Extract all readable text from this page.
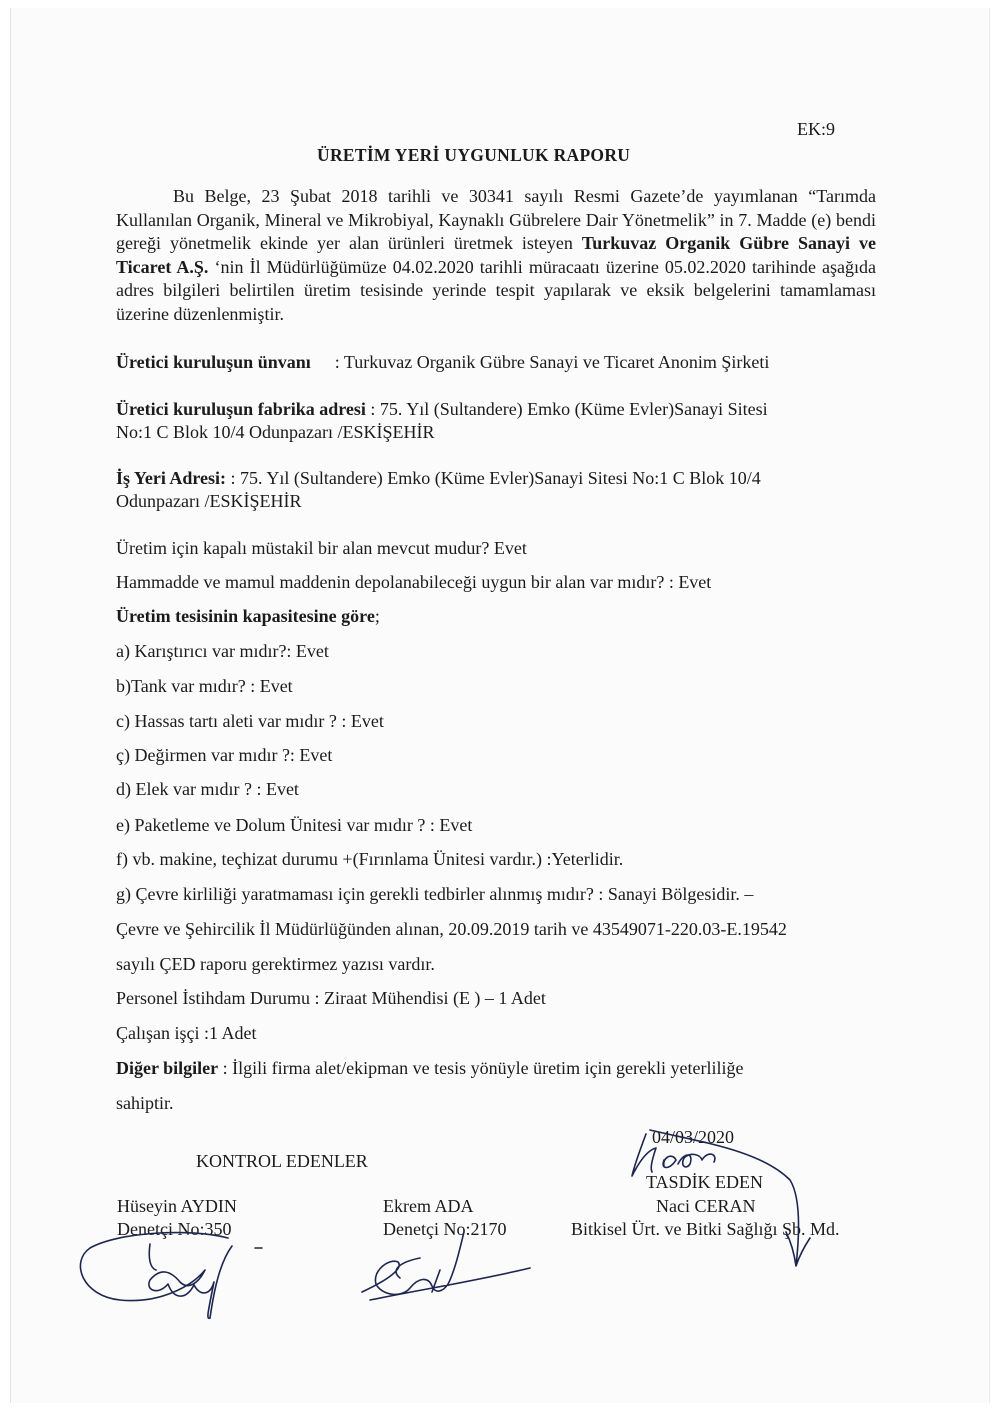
EK:9
ÜRETİM YERİ UYGUNLUK RAPORU
Bu Belge, 23 Şubat 2018 tarihli ve 30341 sayılı Resmi Gazete’de yayımlanan “Tarımda Kullanılan Organik, Mineral ve Mikrobiyal, Kaynaklı Gübrelere Dair Yönetmelik” in 7. Madde (e) bendi gereği yönetmelik ekinde yer alan ürünleri üretmek isteyen Turkuvaz Organik Gübre Sanayi ve Ticaret A.Ş. ‘nin İl Müdürlüğümüze 04.02.2020 tarihli müracaatı üzerine 05.02.2020 tarihinde aşağıda adres bilgileri belirtilen üretim tesisinde yerinde tespit yapılarak ve eksik belgelerini tamamlaması üzerine düzenlenmiştir.
Üretici kuruluşun ünvanı : Turkuvaz Organik Gübre Sanayi ve Ticaret Anonim Şirketi
Üretici kuruluşun fabrika adresi : 75. Yıl (Sultandere) Emko (Küme Evler)Sanayi Sitesi
No:1 C Blok 10/4 Odunpazarı /ESKİŞEHİR
İş Yeri Adresi: : 75. Yıl (Sultandere) Emko (Küme Evler)Sanayi Sitesi No:1 C Blok 10/4
Odunpazarı /ESKİŞEHİR
Üretim için kapalı müstakil bir alan mevcut mudur? Evet
Hammadde ve mamul maddenin depolanabileceği uygun bir alan var mıdır? : Evet
Üretim tesisinin kapasitesine göre;
a) Karıştırıcı var mıdır?: Evet
b)Tank var mıdır? : Evet
c) Hassas tartı aleti var mıdır ? : Evet
ç) Değirmen var mıdır ?: Evet
d) Elek var mıdır ? : Evet
e) Paketleme ve Dolum Ünitesi var mıdır ? : Evet
f) vb. makine, teçhizat durumu +(Fırınlama Ünitesi vardır.) :Yeterlidir.
g) Çevre kirliliği yaratmaması için gerekli tedbirler alınmış mıdır? : Sanayi Bölgesidir. –
Çevre ve Şehircilik İl Müdürlüğünden alınan, 20.09.2019 tarih ve 43549071-220.03-E.19542
sayılı ÇED raporu gerektirmez yazısı vardır.
Personel İstihdam Durumu : Ziraat Mühendisi (E ) – 1 Adet
Çalışan işçi :1 Adet
Diğer bilgiler : İlgili firma alet/ekipman ve tesis yönüyle üretim için gerekli yeterliliğe
sahiptir.
KONTROL EDENLER
Hüseyin AYDIN
Denetçi No:350
Ekrem ADA
Denetçi No:2170
04/03/2020
TASDİK EDEN
Naci CERAN
Bitkisel Ürt. ve Bitki Sağlığı Şb. Md.
